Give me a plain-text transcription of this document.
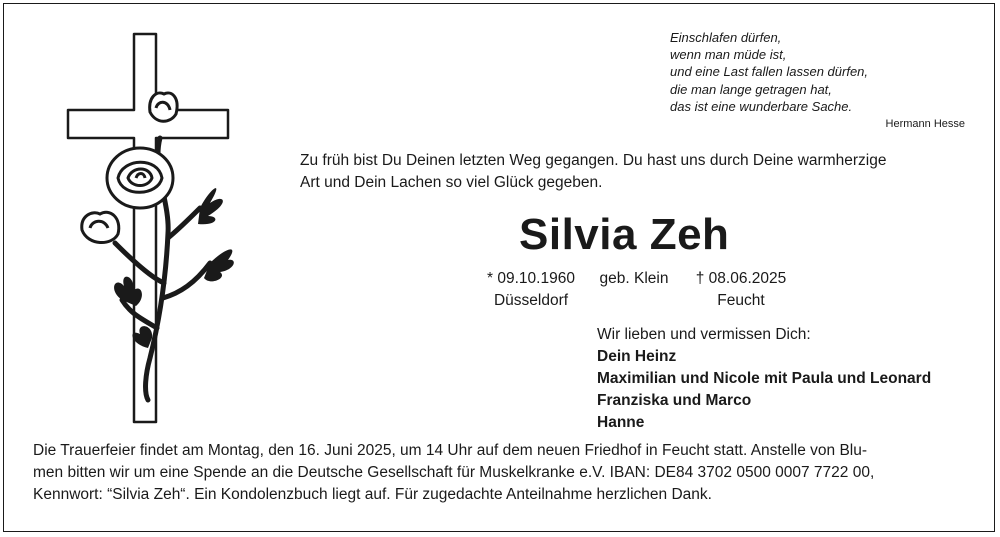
Einschlafen dürfen,
wenn man müde ist,
und eine Last fallen lassen dürfen,
die man lange getragen hat,
das ist eine wunderbare Sache.
Hermann Hesse
Zu früh bist Du Deinen letzten Weg gegangen. Du hast uns durch Deine warmherzige
Art und Dein Lachen so viel Glück gegeben.
Silvia Zeh
* 09.10.1960
Düsseldorf
geb. Klein	† 08.06.2025
Feucht
Wir lieben und vermissen Dich:
Dein Heinz
Maximilian und Nicole mit Paula und Leonard
Franziska und Marco
Hanne
Die Trauerfeier findet am Montag, den 16. Juni 2025, um 14 Uhr auf dem neuen Friedhof in Feucht statt. Anstelle von Blu-
men bitten wir um eine Spende an die Deutsche Gesellschaft für Muskelkranke e.V. IBAN: DE84 3702 0500 0007 7722 00,
Kennwort: “Silvia Zeh“. Ein Kondolenzbuch liegt auf. Für zugedachte Anteilnahme herzlichen Dank.
